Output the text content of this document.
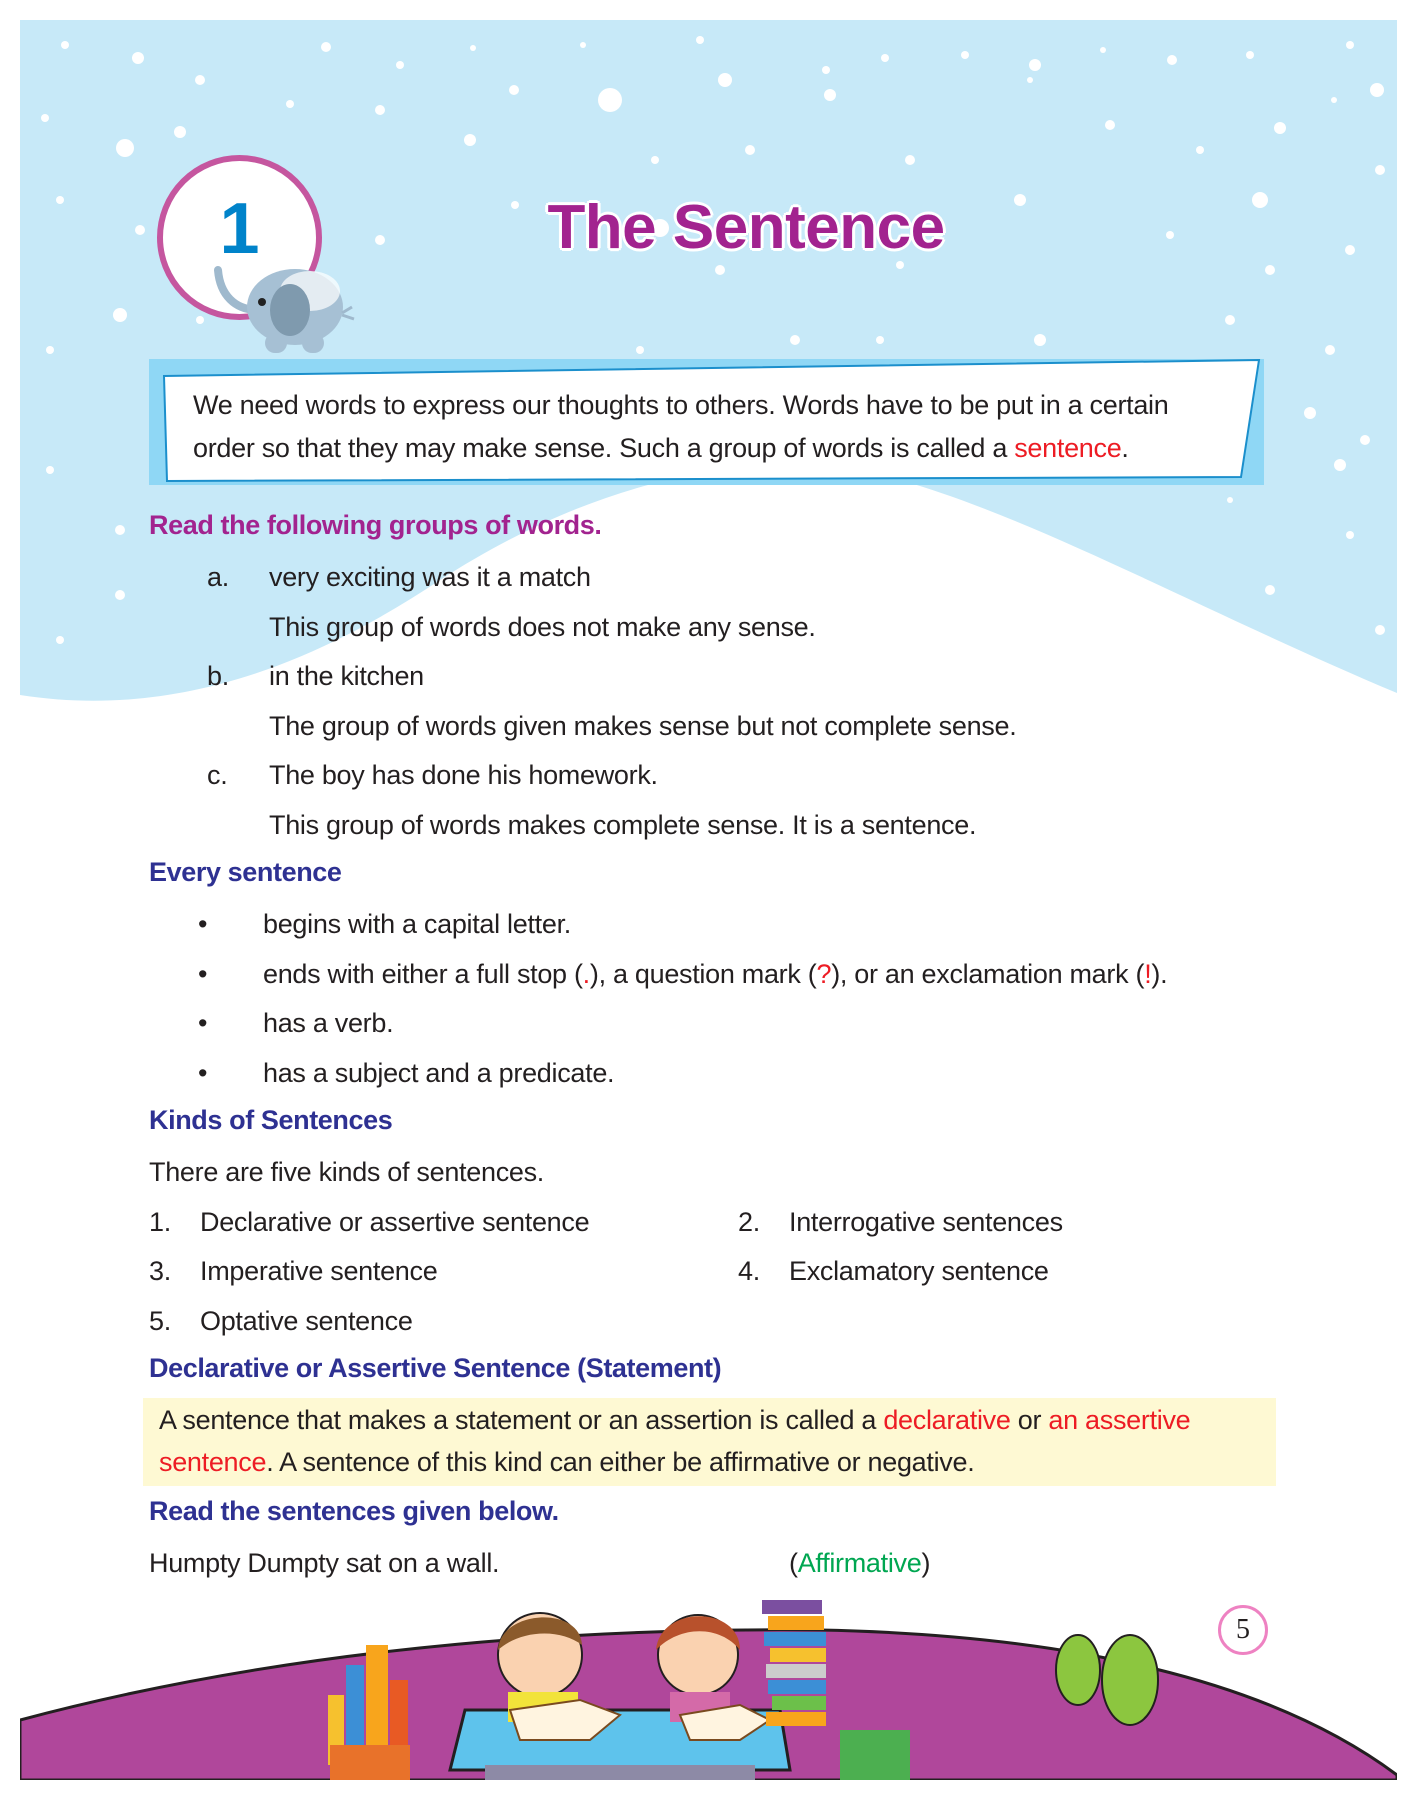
1	The Sentence
We need words to express our thoughts to others. Words have to be put in a certain
order so that they may make sense. Such a group of words is called a sentence.
Read the following groups of words.
a. very exciting was it a match
This group of words does not make any sense.
b. in the kitchen
The group of words given makes sense but not complete sense.
c. The boy has done his homework.
This group of words makes complete sense. It is a sentence.
Every sentence
• begins with a capital letter.
• ends with either a full stop (.), a question mark (?), or an exclamation mark (!).
• has a verb.
• has a subject and a predicate.
Kinds of Sentences
There are five kinds of sentences.
1. Declarative or assertive sentence	2. Interrogative sentences
3. Imperative sentence	4. Exclamatory sentence
5. Optative sentence
Declarative or Assertive Sentence (Statement)
A sentence that makes a statement or an assertion is called a declarative or an assertive
sentence. A sentence of this kind can either be affirmative or negative.
Read the sentences given below.
Humpty Dumpty sat on a wall.	(Affirmative)
5
